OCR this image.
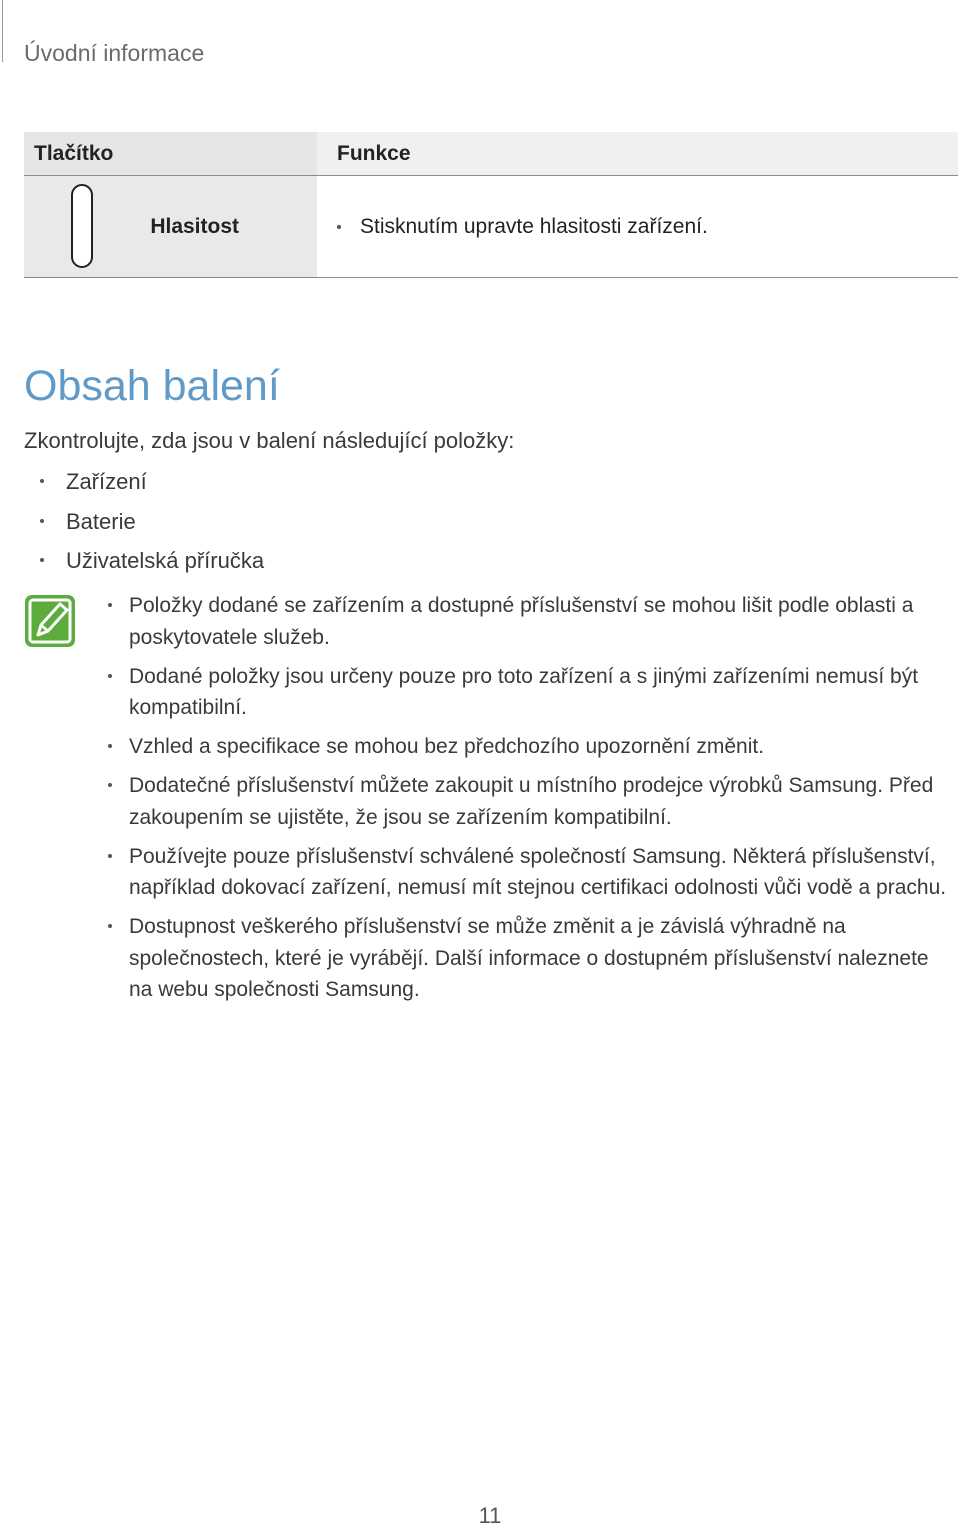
Úvodní informace
Tlačítko	Funkce

Hlasitost	Stisknutím upravte hlasitosti zařízení.
Obsah balení
Zkontrolujte, zda jsou v balení následující položky:
Zařízení
Baterie
Uživatelská příručka
Položky dodané se zařízením a dostupné příslušenství se mohou lišit podle oblasti a poskytovatele služeb.
Dodané položky jsou určeny pouze pro toto zařízení a s jinými zařízeními nemusí být kompatibilní.
Vzhled a specifikace se mohou bez předchozího upozornění změnit.
Dodatečné příslušenství můžete zakoupit u místního prodejce výrobků Samsung. Před zakoupením se ujistěte, že jsou se zařízením kompatibilní.
Používejte pouze příslušenství schválené společností Samsung. Některá příslušenství, například dokovací zařízení, nemusí mít stejnou certifikaci odolnosti vůči vodě a prachu.
Dostupnost veškerého příslušenství se může změnit a je závislá výhradně na společnostech, které je vyrábějí. Další informace o dostupném příslušenství naleznete na webu společnosti Samsung.
11
